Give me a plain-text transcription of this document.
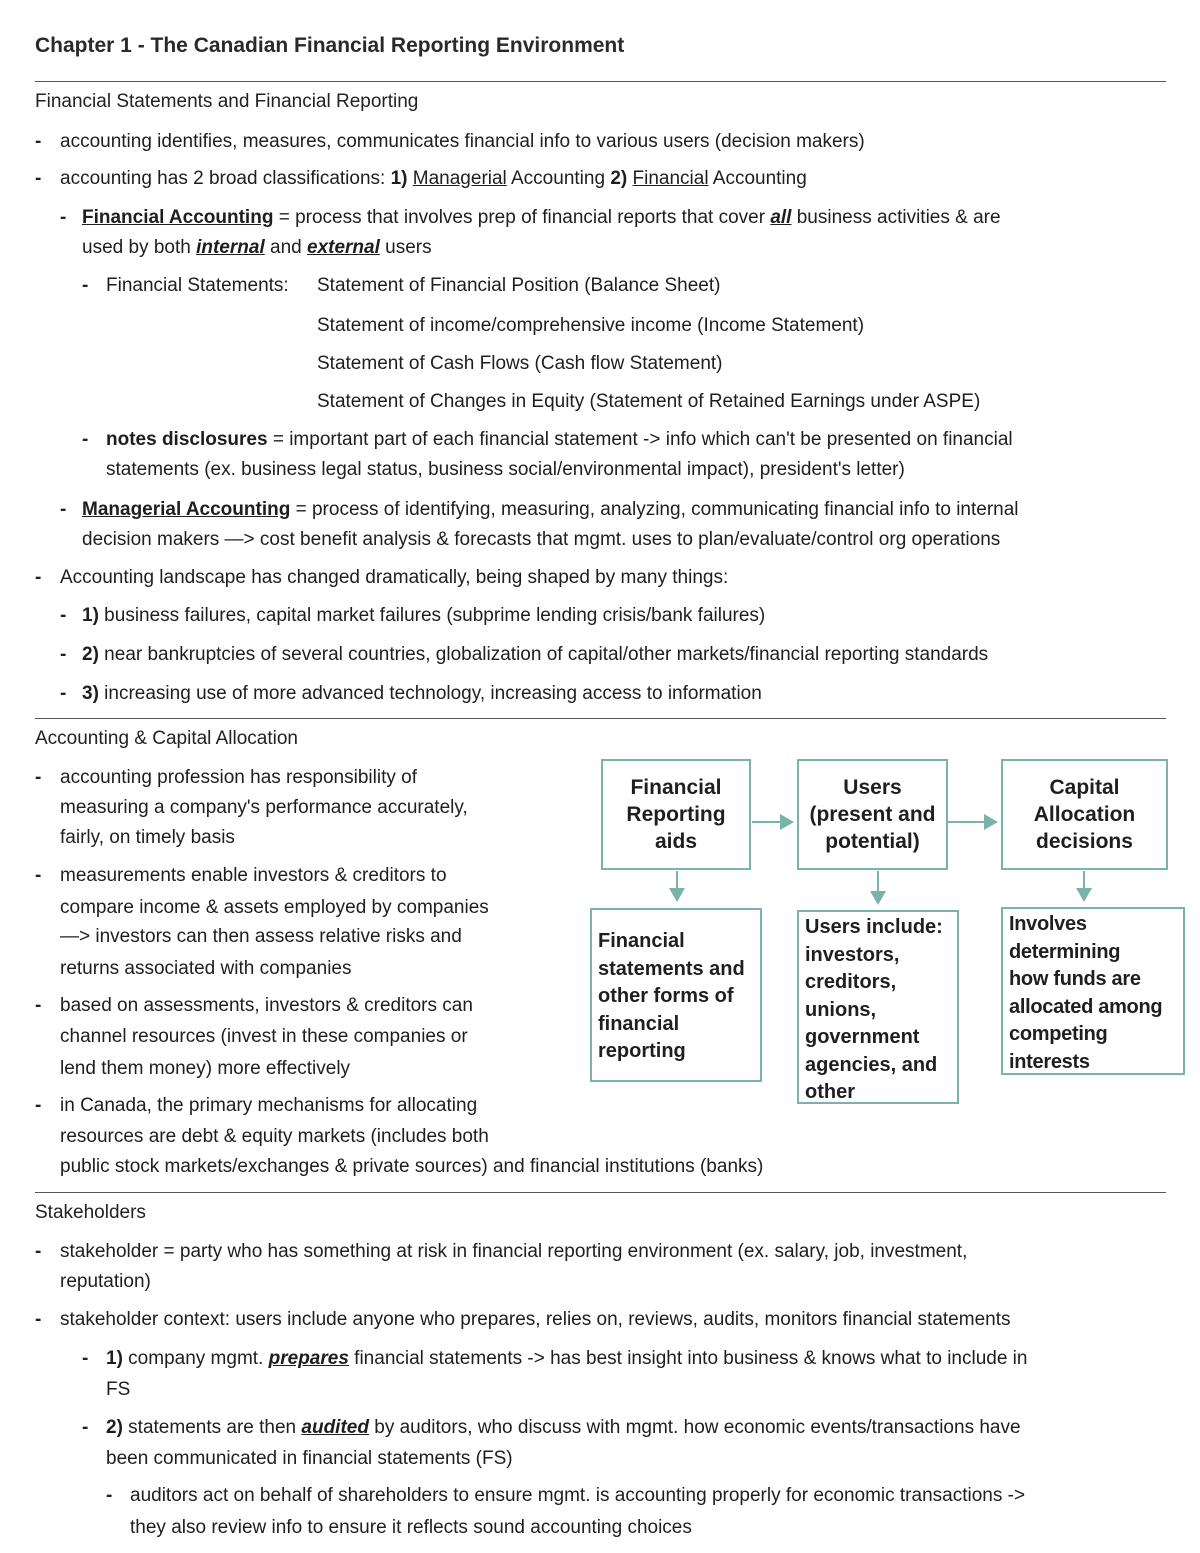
Chapter 1 - The Canadian Financial Reporting Environment
Financial Statements and Financial Reporting
- accounting identifies, measures, communicates financial info to various users (decision makers)
- accounting has 2 broad classifications: 1) Managerial Accounting 2) Financial Accounting
- Financial Accounting = process that involves prep of financial reports that cover all business activities & are
used by both internal and external users
- Financial Statements: Statement of Financial Position (Balance Sheet)
Statement of income/comprehensive income (Income Statement)
Statement of Cash Flows (Cash flow Statement)
Statement of Changes in Equity (Statement of Retained Earnings under ASPE)
- notes disclosures = important part of each financial statement -> info which can't be presented on financial
statements (ex. business legal status, business social/environmental impact), president's letter)
- Managerial Accounting = process of identifying, measuring, analyzing, communicating financial info to internal
decision makers —> cost benefit analysis & forecasts that mgmt. uses to plan/evaluate/control org operations
- Accounting landscape has changed dramatically, being shaped by many things:
- 1) business failures, capital market failures (subprime lending crisis/bank failures)
- 2) near bankruptcies of several countries, globalization of capital/other markets/financial reporting standards
- 3) increasing use of more advanced technology, increasing access to information
Accounting & Capital Allocation
- accounting profession has responsibility of
measuring a company's performance accurately,
fairly, on timely basis
- measurements enable investors & creditors to
compare income & assets employed by companies
—> investors can then assess relative risks and
returns associated with companies
- based on assessments, investors & creditors can
channel resources (invest in these companies or
lend them money) more effectively
- in Canada, the primary mechanisms for allocating
resources are debt & equity markets (includes both
public stock markets/exchanges & private sources) and financial institutions (banks)
Financial
Reporting
aids
Users
(present and
potential)
Capital
Allocation
decisions
Financial
statements and
other forms of
financial
reporting
Users include:
investors,
creditors,
unions,
government
agencies, and
other
Involves
determining
how funds are
allocated among
competing
interests
Stakeholders
- stakeholder = party who has something at risk in financial reporting environment (ex. salary, job, investment,
reputation)
- stakeholder context: users include anyone who prepares, relies on, reviews, audits, monitors financial statements
- 1) company mgmt. prepares financial statements -> has best insight into business & knows what to include in
FS
- 2) statements are then audited by auditors, who discuss with mgmt. how economic events/transactions have
been communicated in financial statements (FS)
- auditors act on behalf of shareholders to ensure mgmt. is accounting properly for economic transactions ->
they also review info to ensure it reflects sound accounting choices
